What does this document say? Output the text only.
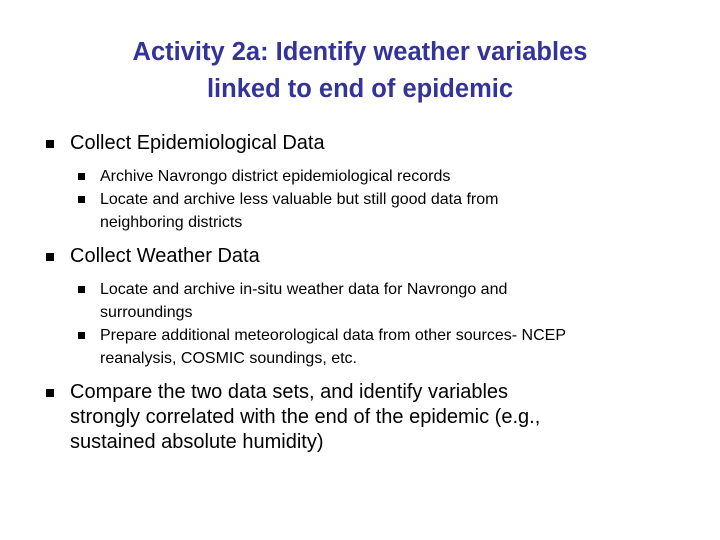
Activity 2a: Identify weather variables
linked to end of epidemic
Collect Epidemiological Data
Archive Navrongo district epidemiological records
Locate and archive less valuable but still good data from
neighboring districts
Collect Weather Data
Locate and archive in-situ weather data for Navrongo and
surroundings
Prepare additional meteorological data from other sources- NCEP
reanalysis, COSMIC soundings, etc.
Compare the two data sets, and identify variables
strongly correlated with the end of the epidemic (e.g.,
sustained absolute humidity)
